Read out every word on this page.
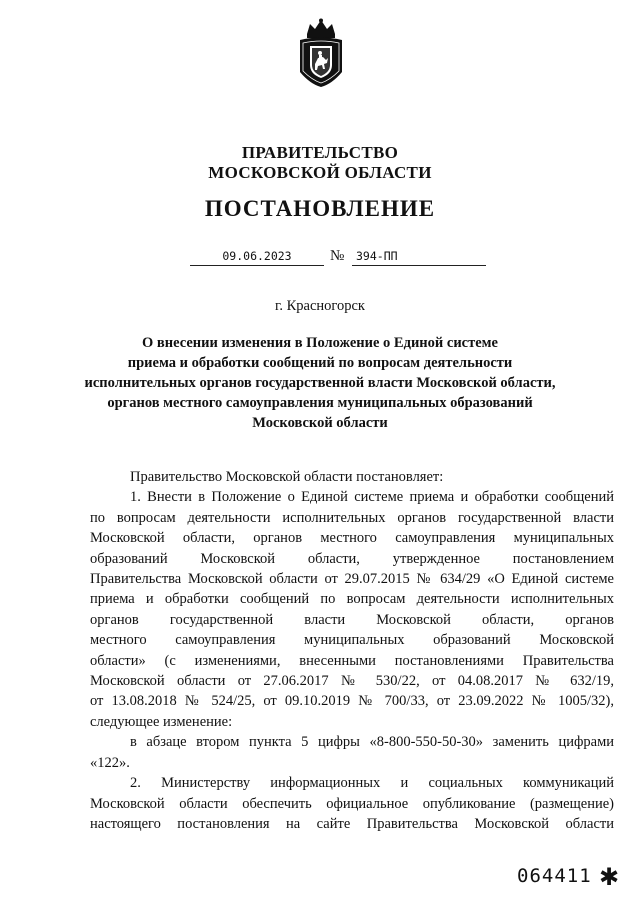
ПРАВИТЕЛЬСТВО
МОСКОВСКОЙ ОБЛАСТИ
ПОСТАНОВЛЕНИЕ
09.06.2023	№ 394-ПП
г. Красногорск
О внесении изменения в Положение о Единой системе
приема и обработки сообщений по вопросам деятельности
исполнительных органов государственной власти Московской области,
органов местного самоуправления муниципальных образований
Московской области
Правительство Московской области постановляет:
1. Внести в Положение о Единой системе приема и обработки сообщений
по вопросам деятельности исполнительных органов государственной власти
Московской области, органов местного самоуправления муниципальных
образований Московской области, утвержденное постановлением
Правительства Московской области от 29.07.2015 № 634/29 «О Единой системе
приема и обработки сообщений по вопросам деятельности исполнительных
органов государственной власти Московской области, органов
местного самоуправления муниципальных образований Московской
области» (с изменениями, внесенными постановлениями Правительства
Московской области от 27.06.2017 № 530/22, от 04.08.2017 № 632/19,
от 13.08.2018 № 524/25, от 09.10.2019 № 700/33, от 23.09.2022 № 1005/32),
следующее изменение:
в абзаце втором пункта 5 цифры «8-800-550-50-30» заменить цифрами
«122».
2. Министерству информационных и социальных коммуникаций
Московской области обеспечить официальное опубликование (размещение)
настоящего постановления на сайте Правительства Московской области
064411 ✱
